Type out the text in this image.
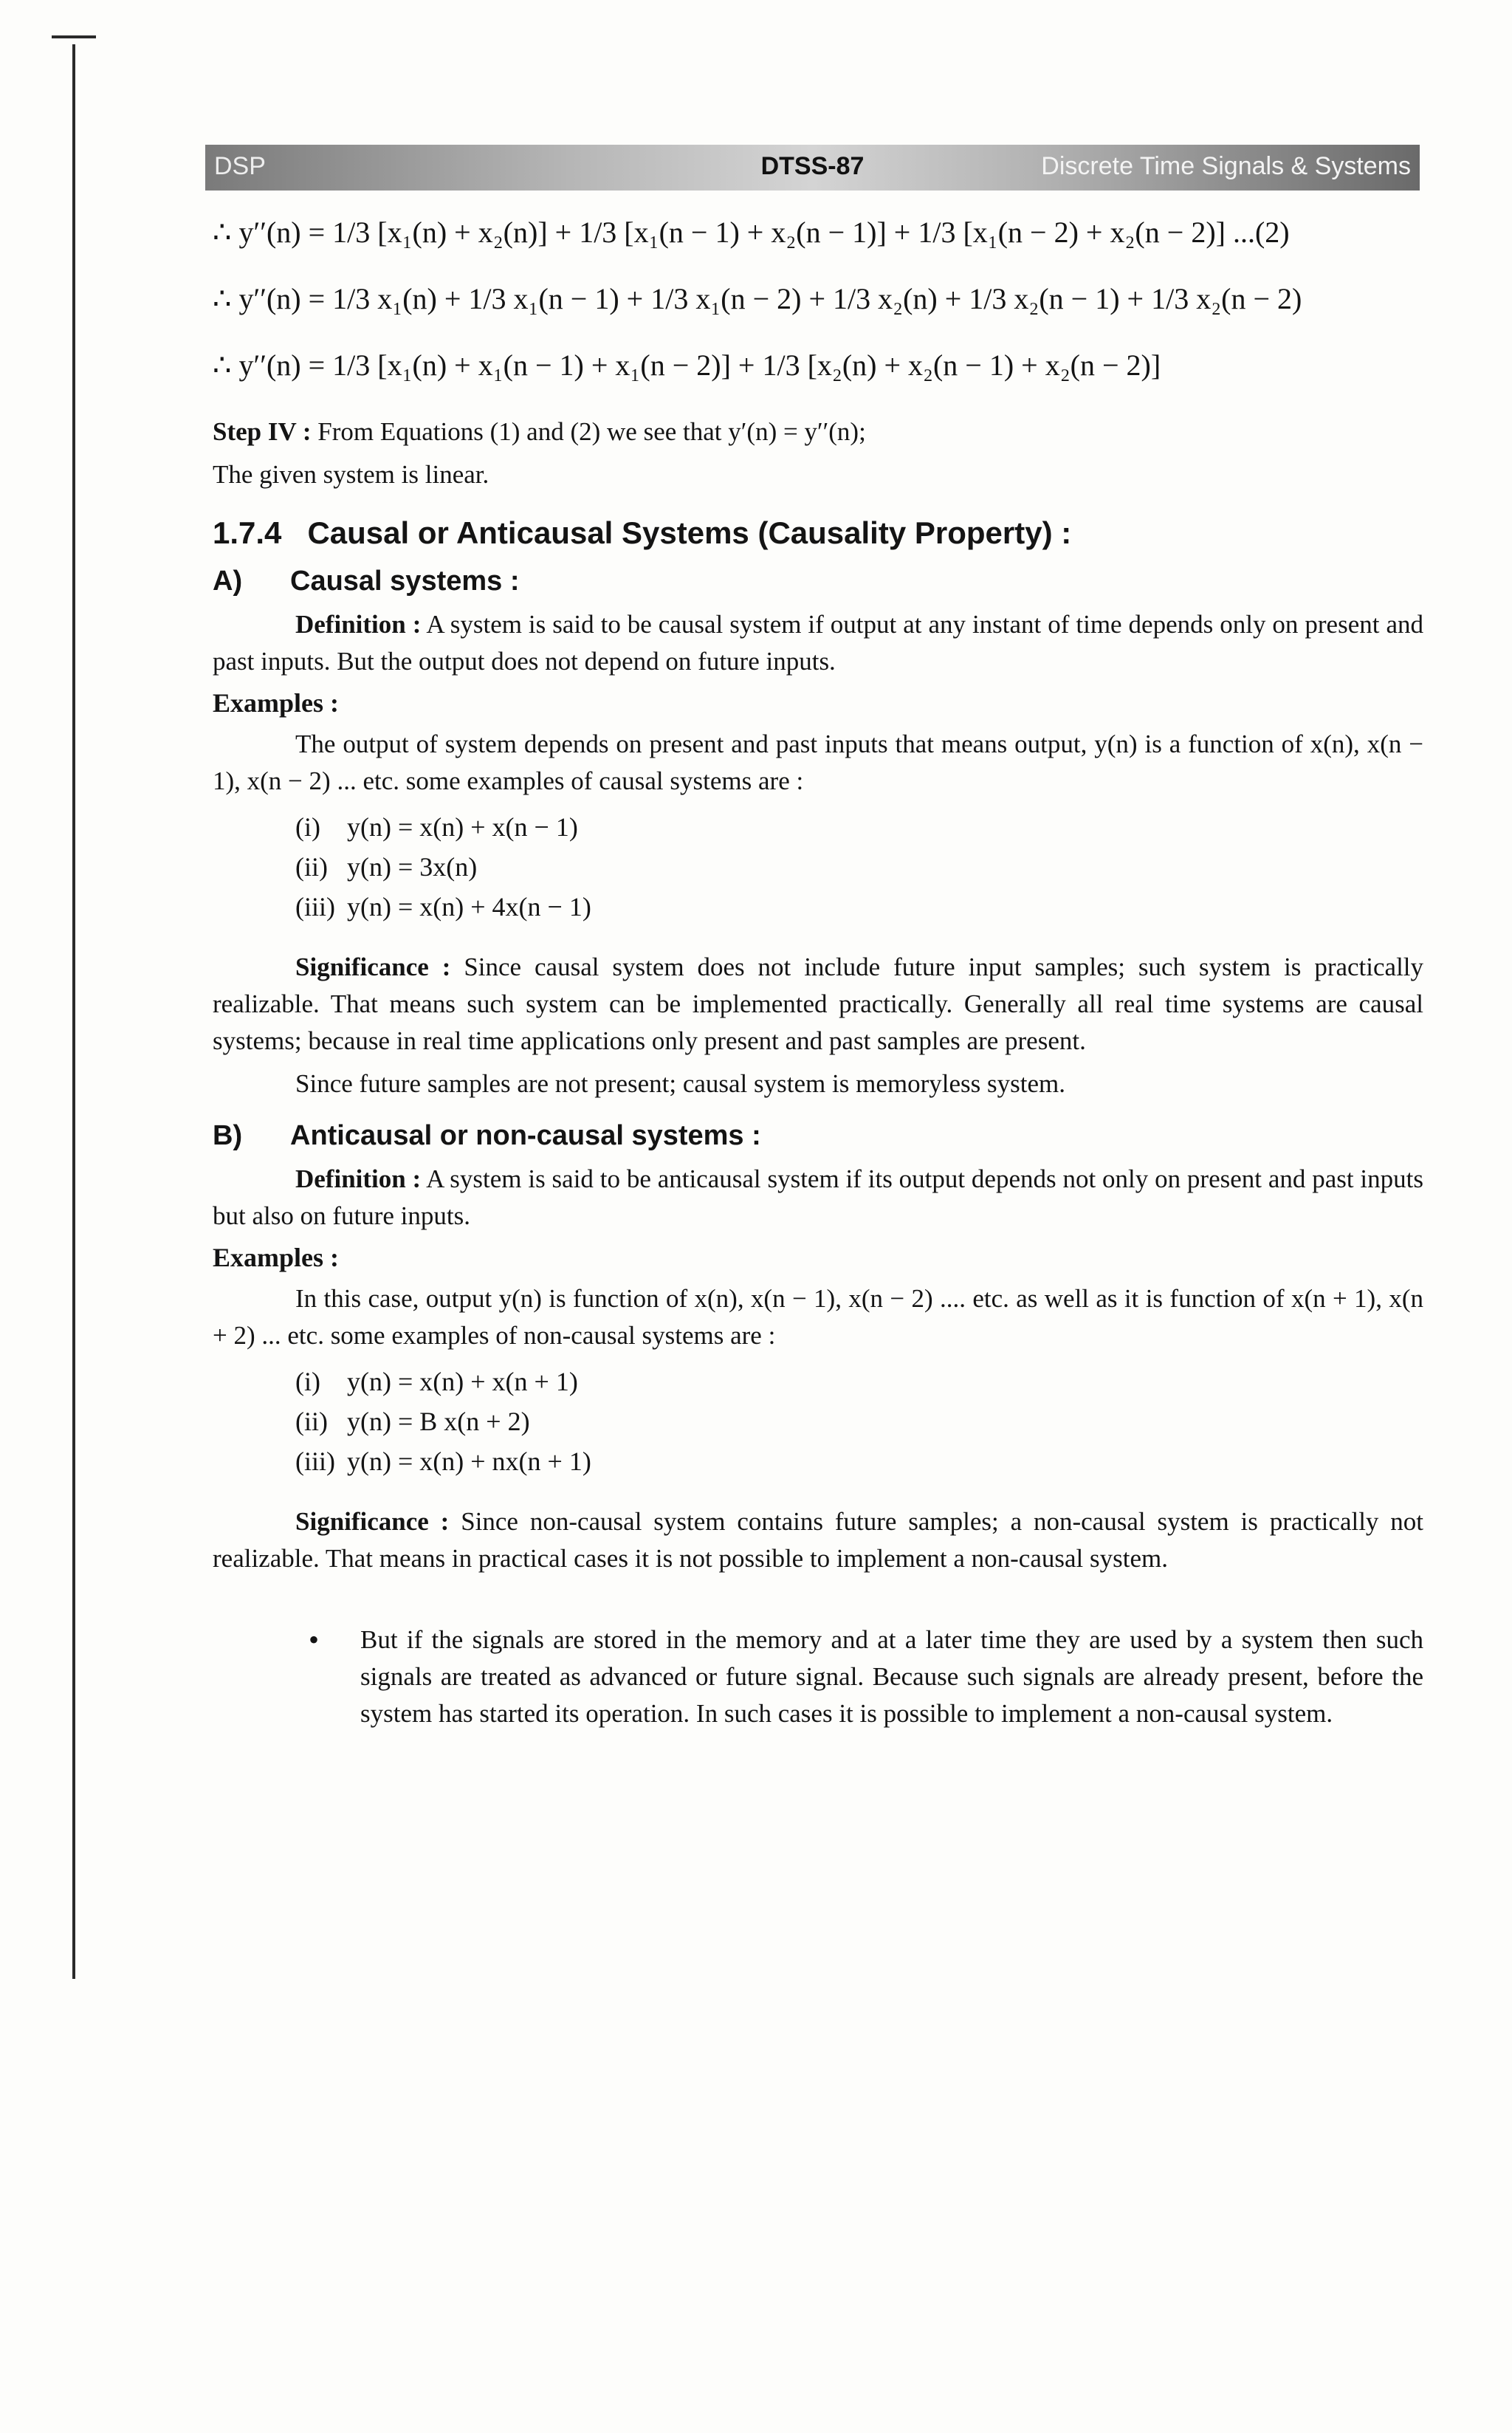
DSP	DTSS-87	Discrete Time Signals & Systems
∴ y′′(n) = 1/3 [x₁(n) + x₂(n)] + 1/3 [x₁(n − 1) + x₂(n − 1)] + 1/3 [x₁(n − 2) + x₂(n − 2)] ...(2)
∴ y′′(n) = 1/3 x₁(n) + 1/3 x₁(n − 1) + 1/3 x₁(n − 2) + 1/3 x₂(n) + 1/3 x₂(n − 1) + 1/3 x₂(n − 2)
∴ y′′(n) = 1/3 [x₁(n) + x₁(n − 1) + x₁(n − 2)] + 1/3 [x₂(n) + x₂(n − 1) + x₂(n − 2)]
Step IV : From Equations (1) and (2) we see that y′(n) = y′′(n);
The given system is linear.
1.7.4 Causal or Anticausal Systems (Causality Property) :
A) Causal systems :
Definition : A system is said to be causal system if output at any instant of time depends only on present and past inputs. But the output does not depend on future inputs.
Examples :
The output of system depends on present and past inputs that means output, y(n) is a function of x(n), x(n − 1), x(n − 2) ... etc. some examples of causal systems are :
(i) y(n) = x(n) + x(n − 1)
(ii) y(n) = 3x(n)
(iii) y(n) = x(n) + 4x(n − 1)
Significance : Since causal system does not include future input samples; such system is practically realizable. That means such system can be implemented practically. Generally all real time systems are causal systems; because in real time applications only present and past samples are present.
Since future samples are not present; causal system is memoryless system.
B) Anticausal or non-causal systems :
Definition : A system is said to be anticausal system if its output depends not only on present and past inputs but also on future inputs.
Examples :
In this case, output y(n) is function of x(n), x(n − 1), x(n − 2) .... etc. as well as it is function of x(n + 1), x(n + 2) ... etc. some examples of non-causal systems are :
(i) y(n) = x(n) + x(n + 1)
(ii) y(n) = B x(n + 2)
(iii) y(n) = x(n) + nx(n + 1)
Significance : Since non-causal system contains future samples; a non-causal system is practically not realizable. That means in practical cases it is not possible to implement a non-causal system.
•	But if the signals are stored in the memory and at a later time they are used by a system then such signals are treated as advanced or future signal. Because such signals are already present, before the system has started its operation. In such cases it is possible to implement a non-causal system.
